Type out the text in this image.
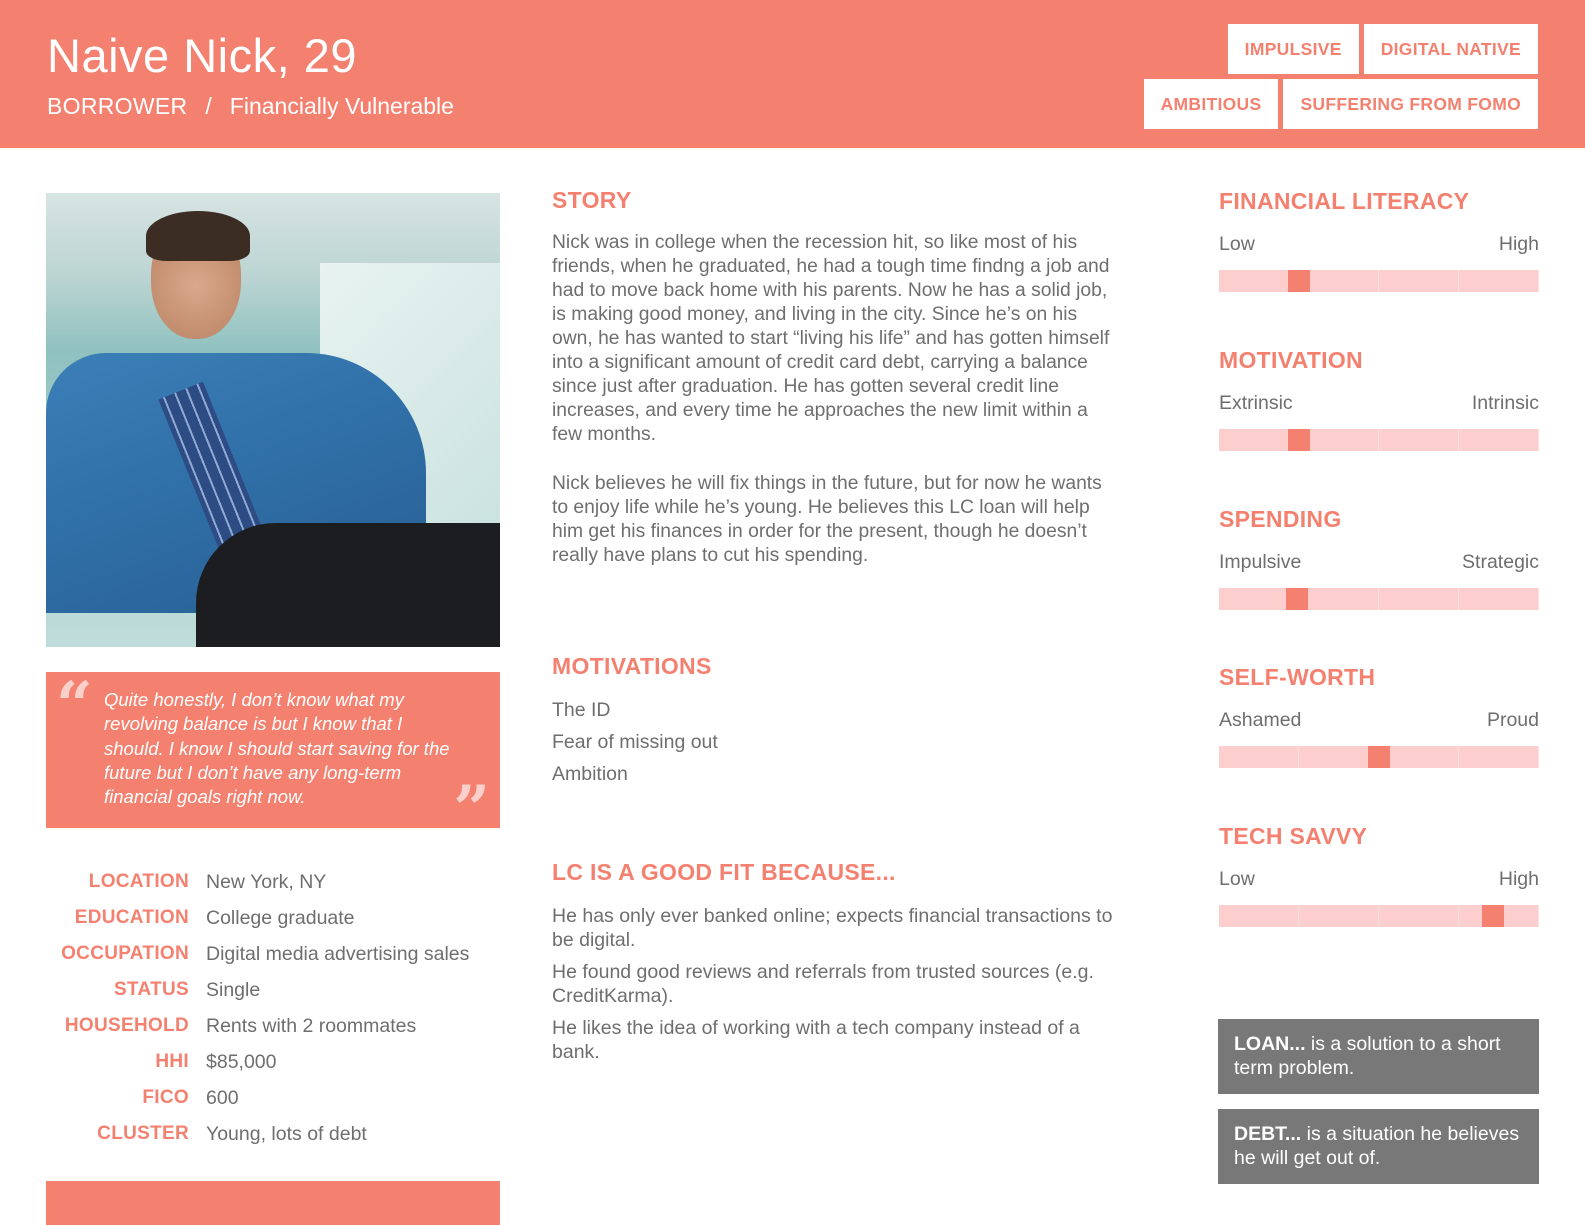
Naive Nick, 29
BORROWER / Financially Vulnerable
IMPULSIVE	DIGITAL NATIVE
AMBITIOUS	SUFFERING FROM FOMO
“ Quite honestly, I don’t know what my revolving balance is but I know that I should. I know I should start saving for the future but I don’t have any long-term financial goals right now.	”
LOCATION New York, NY
EDUCATION College graduate
OCCUPATION Digital media advertising sales
STATUS Single
HOUSEHOLD Rents with 2 roommates
HHI $85,000
FICO 600
CLUSTER Young, lots of debt
STORY
Nick was in college when the recession hit, so like most of his friends, when he graduated, he had a tough time findng a job and had to move back home with his parents. Now he has a solid job, is making good money, and living in the city. Since he’s on his own, he has wanted to start “living his life” and has gotten himself into a significant amount of credit card debt, carrying a balance since just after graduation. He has gotten several credit line increases, and every time he approaches the new limit within a few months.
Nick believes he will fix things in the future, but for now he wants to enjoy life while he’s young. He believes this LC loan will help him get his finances in order for the present, though he doesn’t really have plans to cut his spending.
MOTIVATIONS
The ID
Fear of missing out
Ambition
LC IS A GOOD FIT BECAUSE...
He has only ever banked online; expects financial transactions to be digital.
He found good reviews and referrals from trusted sources (e.g. CreditKarma).
He likes the idea of working with a tech company instead of a bank.
FINANCIAL LITERACY
Low	High
MOTIVATION
Extrinsic	Intrinsic
SPENDING
Impulsive	Strategic
SELF-WORTH
Ashamed	Proud
TECH SAVVY
Low	High
LOAN... is a solution to a short term problem.
DEBT... is a situation he believes he will get out of.
